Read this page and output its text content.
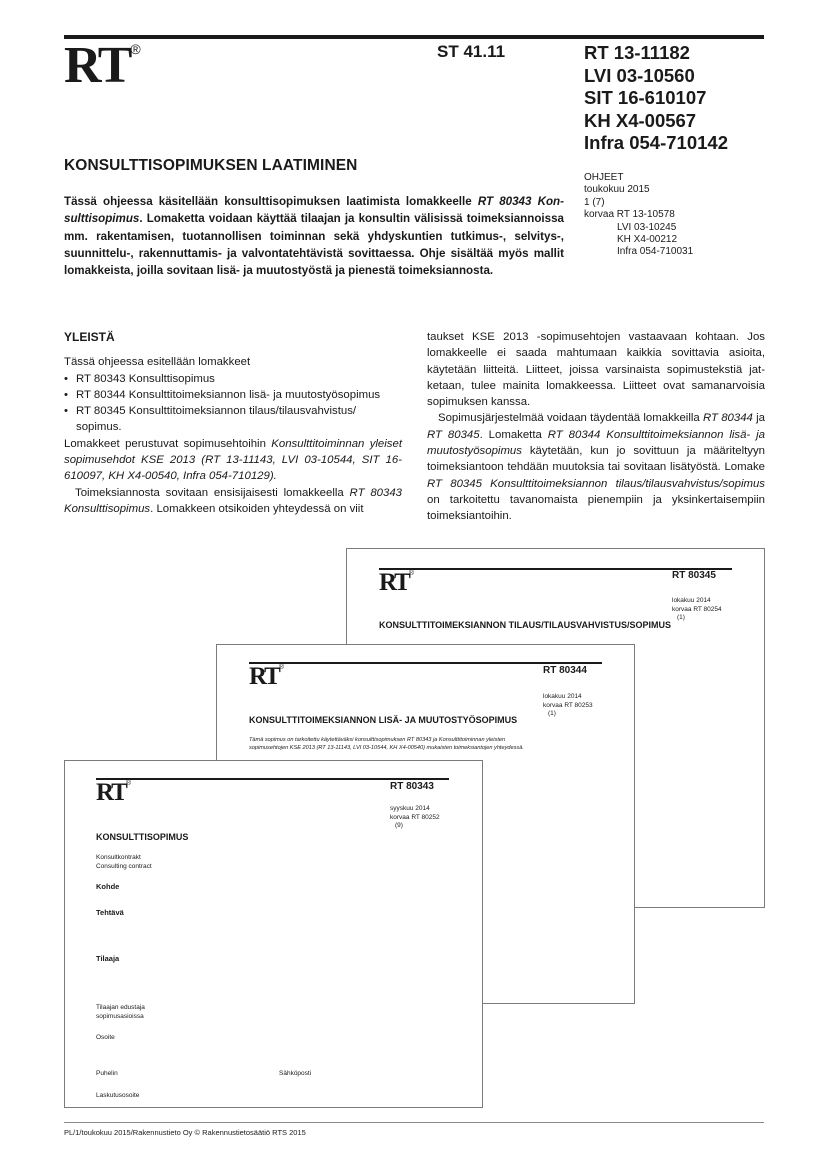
RT®	ST 41.11	RT 13-11182
LVI 03-10560
SIT 16-610107
KH X4-00567
Infra 054-710142
KONSULTTISOPIMUKSEN LAATIMINEN
OHJEET
toukokuu 2015
1 (7)
korvaa RT 13-10578
LVI 03-10245
KH X4-00212
Infra 054-710031
Tässä ohjeessa käsitellään konsulttisopimuksen laatimista lomakkeelle RT 80343 Konsulttisopimus. Lomaketta voidaan käyttää tilaajan ja konsultin välisissä toimeksiannoissa mm. rakentamisen, tuotannollisen toiminnan sekä yhdyskuntien tutkimus-, selvitys-, suunnittelu-, rakennuttamis- ja valvontatehtävistä sovittaessa. Ohje sisältää myös mallit lomakkeista, joilla sovitaan lisä- ja muutostyöstä ja pienestä toimeksiannosta.
YLEISTÄ
Tässä ohjeessa esitellään lomakkeet
• RT 80343 Konsulttisopimus
• RT 80344 Konsulttitoimeksiannon lisä- ja muutostyösopimus
• RT 80345 Konsulttitoimeksiannon tilaus/tilausvahvistus/ sopimus.
Lomakkeet perustuvat sopimusehtoihin Konsulttitoiminnan yleiset sopimusehdot KSE 2013 (RT 13-11143, LVI 03-10544, SIT 16-610097, KH X4-00540, Infra 054-710129).
Toimeksiannosta sovitaan ensisijaisesti lomakkeella RT 80343 Konsulttisopimus. Lomakkeen otsikoiden yhteydessä on viit
taukset KSE 2013 -sopimusehtojen vastaavaan kohtaan. Jos lomakkeelle ei saada mahtumaan kaikkia sovittavia asioita, käytetään liitteitä. Liitteet, joissa varsinaista sopimustekstiä jatketaan, tulee mainita lomakkeessa. Liitteet ovat samanarvoisia sopimuksen kanssa.
Sopimusjärjestelmää voidaan täydentää lomakkeilla RT 80344 ja RT 80345. Lomaketta RT 80344 Konsulttitoimeksiannon lisä- ja muutostyösopimus käytetään, kun jo sovittuun ja määriteltyyn toimeksiantoon tehdään muutoksia tai sovitaan lisätyöstä. Lomake RT 80345 Konsulttitoimeksiannon tilaus/tilausvahvistus/sopimus on tarkoitettu tavanomaista pienempiin ja yksinkertaisempiin toimeksiantoihin.
RT®	RT 80345
lokakuu 2014
korvaa RT 80254
(1)
KONSULTTITOIMEKSIANNON TILAUS/TILAUSVAHVISTUS/SOPIMUS
RT®	RT 80344
lokakuu 2014
korvaa RT 80253
(1)
KONSULTTITOIMEKSIANNON LISÄ- JA MUUTOSTYÖSOPIMUS
Tämä sopimus on tarkoitettu käytettäväksi konsulttisopimuksen RT 80343 ja Konsulttitoiminnan yleisten
sopimusehtojen KSE 2013 (RT 13-11143, LVI 03-10544, KH X4-00540) mukaisten toimeksiantojen yhteydessä.
RT®	RT 80343
syyskuu 2014
korvaa RT 80252
(9)
KONSULTTISOPIMUS
Konsultkontrakt
Consulting contract
Kohde
Tehtävä
Tilaaja
Tilaajan edustaja
sopimusasioissa
Osoite
Puhelin	Sähköposti
Laskutusosoite
PL/1/toukokuu 2015/Rakennustieto Oy © Rakennustietosäätiö RTS 2015
